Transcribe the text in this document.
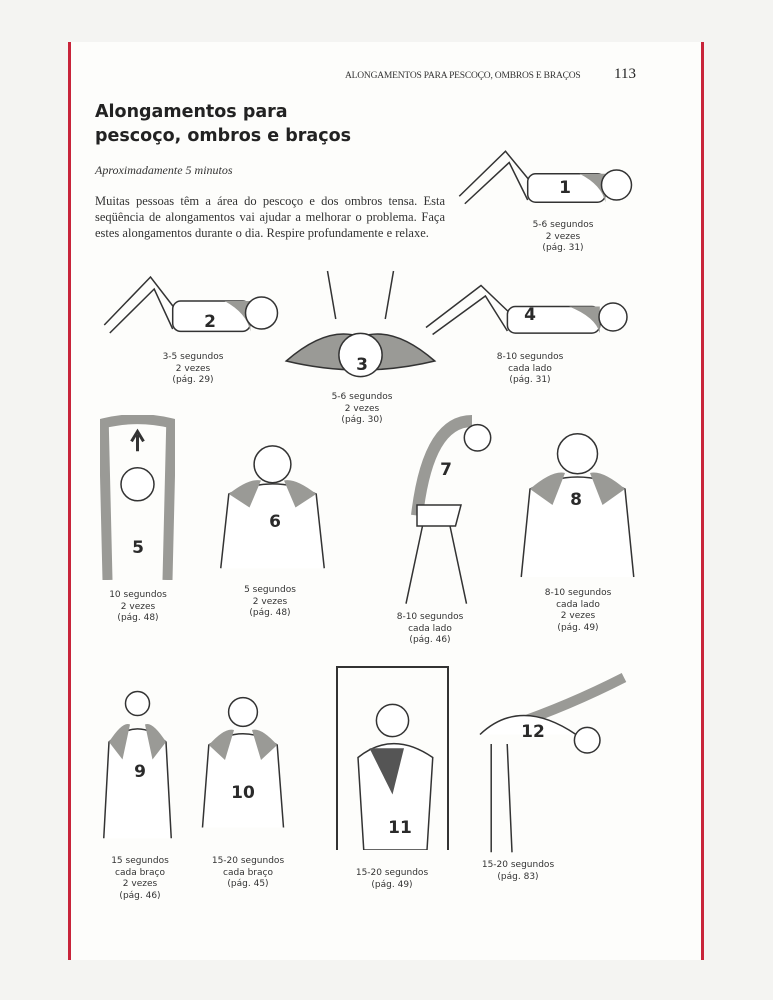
ALONGAMENTOS PARA PESCOÇO, OMBROS E BRAÇOS 113
Alongamentos para
pescoço, ombros e braços
Aproximadamente 5 minutos
Muitas pessoas têm a área do pescoço e dos ombros tensa. Esta seqüência de alongamentos vai ajudar a melhorar o problema. Faça estes alongamentos durante o dia. Respire profundamente e relaxe.
1
5-6 segundos
2 vezes
(pág. 31)
2
3-5 segundos
2 vezes
(pág. 29)
3
5-6 segundos
2 vezes
(pág. 30)
4
8-10 segundos
cada lado
(pág. 31)
5
10 segundos
2 vezes
(pág. 48)
6
5 segundos
2 vezes
(pág. 48)
7
8-10 segundos
cada lado
(pág. 46)
8
8-10 segundos
cada lado
2 vezes
(pág. 49)
9
15 segundos
cada braço
2 vezes
(pág. 46)
10
15-20 segundos
cada braço
(pág. 45)
11
15-20 segundos
(pág. 49)
12
15-20 segundos
(pág. 83)
